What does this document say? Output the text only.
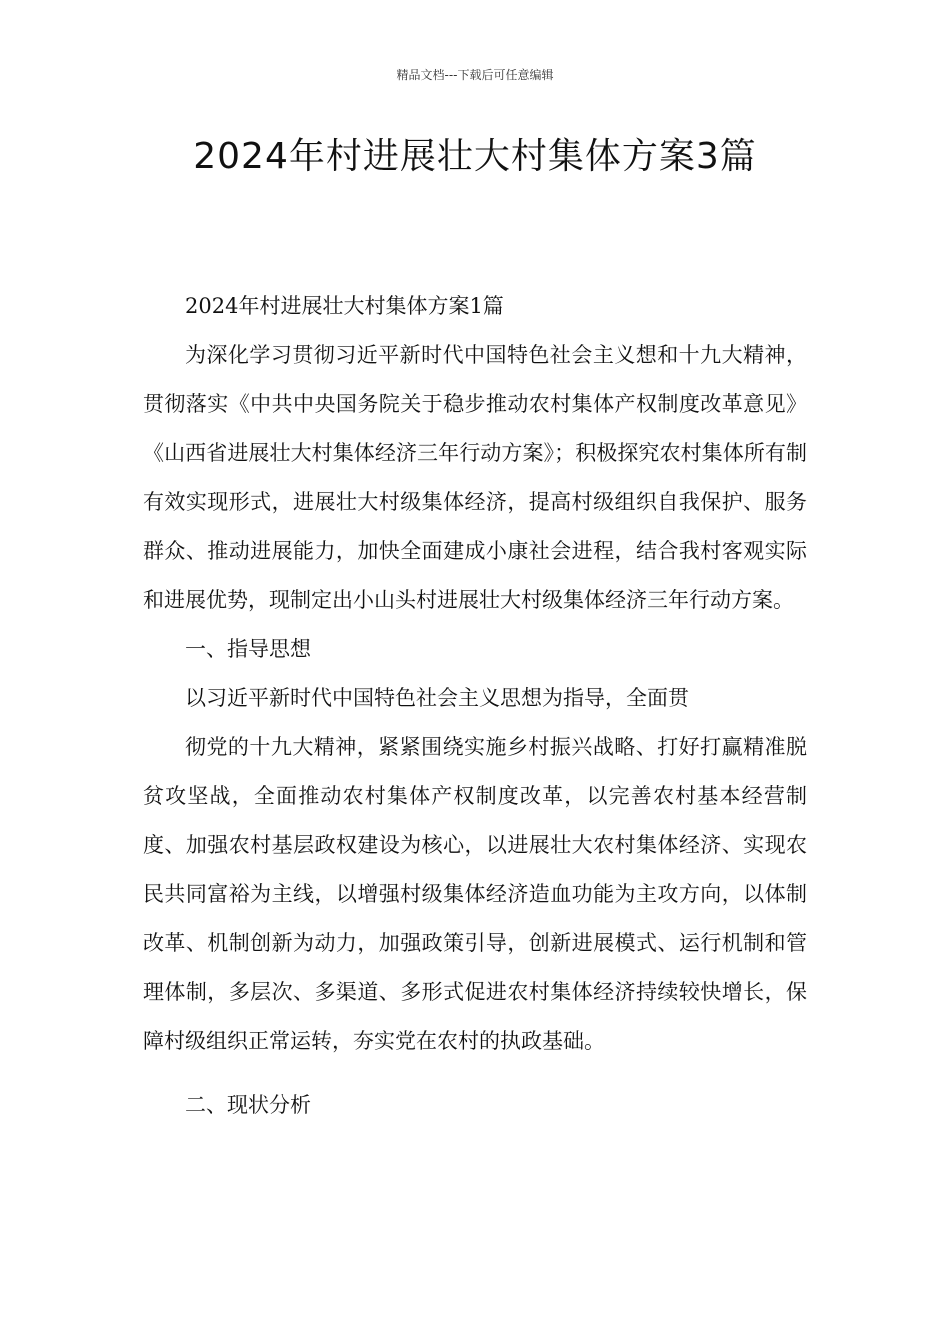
精品文档---下载后可任意编辑
2024年村进展壮大村集体方案3篇

2024年村进展壮大村集体方案1篇

为深化学习贯彻习近平新时代中国特色社会主义想和十九大精神，贯彻落实《中共中央国务院关于稳步推动农村集体产权制度改革意见》《山西省进展壮大村集体经济三年行动方案》；积极探究农村集体所有制有效实现形式，进展壮大村级集体经济，提高村级组织自我保护、服务群众、推动进展能力，加快全面建成小康社会进程，结合我村客观实际和进展优势，现制定出小山头村进展壮大村级集体经济三年行动方案。

一、指导思想

以习近平新时代中国特色社会主义思想为指导，全面贯

彻党的十九大精神，紧紧围绕实施乡村振兴战略、打好打赢精准脱贫攻坚战，全面推动农村集体产权制度改革，以完善农村基本经营制度、加强农村基层政权建设为核心，以进展壮大农村集体经济、实现农民共同富裕为主线，以增强村级集体经济造血功能为主攻方向，以体制改革、机制创新为动力，加强政策引导，创新进展模式、运行机制和管理体制，多层次、多渠道、多形式促进农村集体经济持续较快增长，保障村级组织正常运转，夯实党在农村的执政基础。

二、现状分析
